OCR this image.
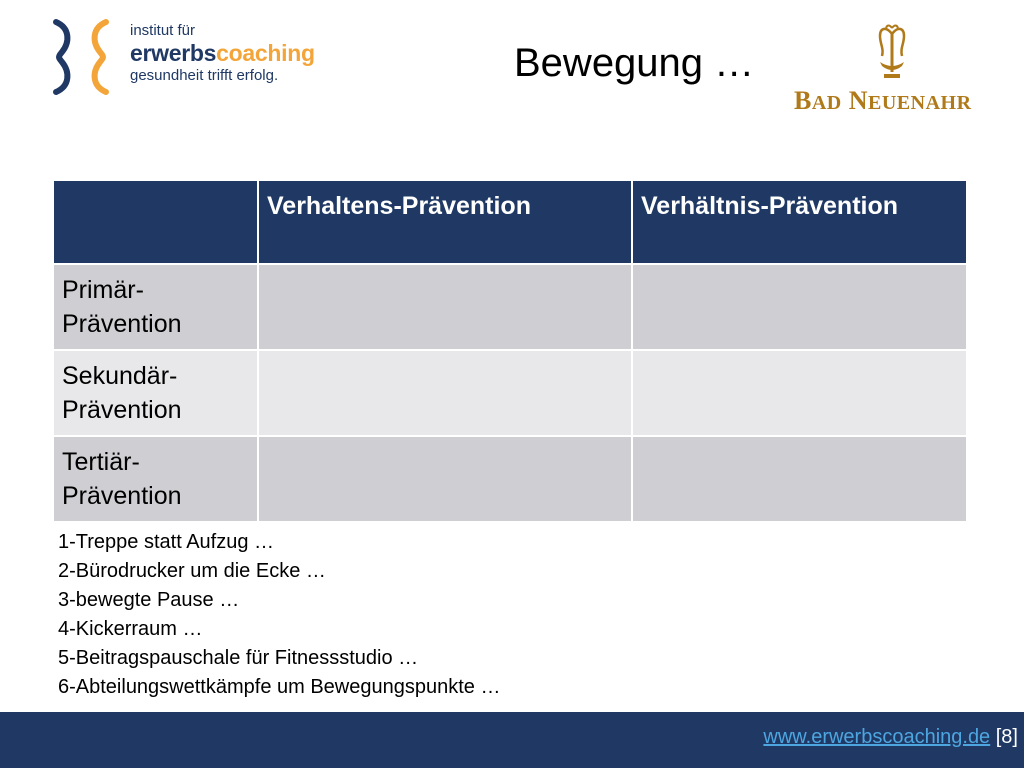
institut für
erwerbscoaching
gesundheit trifft erfolg.	Bewegung …
BAD NEUENAHR
	Verhaltens-Prävention	Verhältnis-Prävention
Primär-Prävention		
Sekundär-Prävention		
Tertiär-Prävention		
1-Treppe statt Aufzug …
2-Bürodrucker um die Ecke …
3-bewegte Pause …
4-Kickerraum …
5-Beitragspauschale für Fitnessstudio …
6-Abteilungswettkämpfe um Bewegungspunkte …
www.erwerbscoaching.de [8]
